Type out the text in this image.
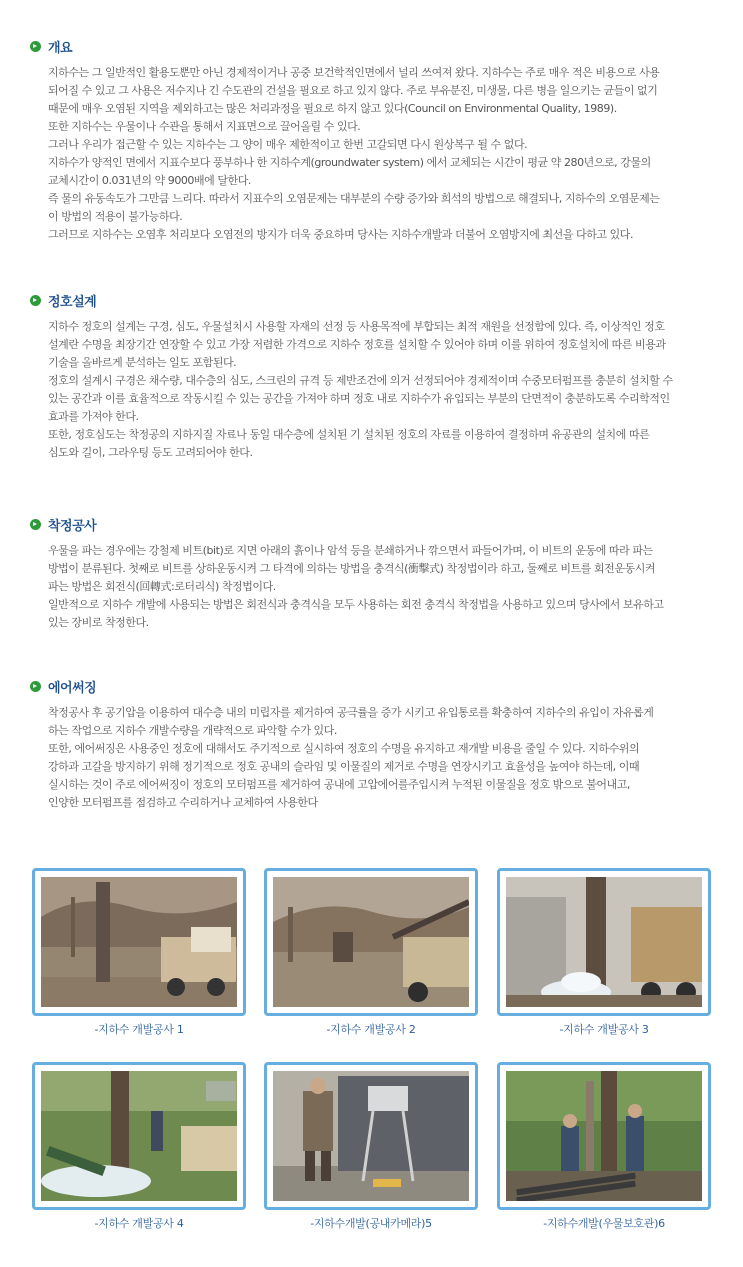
개요

지하수는 그 일반적인 활용도뿐만 아닌 경제적이거나 공중 보건학적인면에서 널리 쓰여져 왔다. 지하수는 주로 매우 적은 비용으로 사용

되어질 수 있고 그 사용은 저수지나 긴 수도관의 건설을 필요로 하고 있지 않다. 주로 부유분진, 미생물, 다른 병을 일으키는 균들이 없기

때문에 매우 오염된 지역을 제외하고는 많은 처리과정을 필요로 하지 않고 있다(Council on Environmental Quality, 1989).

또한 지하수는 우물이나 수관을 통해서 지표면으로 끌어올릴 수 있다.

그러나 우리가 접근할 수 있는 지하수는 그 양이 매우 제한적이고 한번 고갈되면 다시 원상복구 될 수 없다.

지하수가 양적인 면에서 지표수보다 풍부하나 한 지하수계(groundwater system) 에서 교체되는 시간이 평균 약 280년으로, 강물의

교체시간이 0.031년의 약 9000배에 달한다.

즉 물의 유동속도가 그만큼 느리다. 따라서 지표수의 오염문제는 대부분의 수량 증가와 희석의 방법으로 해결되나, 지하수의 오염문제는

이 방법의 적용이 불가능하다.

그러므로 지하수는 오염후 처리보다 오염전의 방지가 더욱 중요하며 당사는 지하수개발과 더불어 오염방지에 최선을 다하고 있다.

정호설계

지하수 정호의 설계는 구경, 심도, 우물설치시 사용할 자재의 선정 등 사용목적에 부합되는 최적 재원을 선정함에 있다. 즉, 이상적인 정호

설계란 수명을 최장기간 연장할 수 있고 가장 저렴한 가격으로 지하수 정호를 설치할 수 있어야 하며 이를 위하여 정호설치에 따른 비용과

기술을 올바르게 분석하는 일도 포함된다.

정호의 설계시 구경은 채수량, 대수층의 심도, 스크린의 규격 등 제반조건에 의거 선정되어야 경제적이며 수중모터펌프를 충분히 설치할 수

있는 공간과 이를 효율적으로 작동시킬 수 있는 공간을 가져야 하며 정호 내로 지하수가 유입되는 부분의 단면적이 충분하도록 수리학적인

효과를 가져야 한다.

또한, 정호심도는 착정공의 지하지질 자료나 동일 대수층에 설치된 기 설치된 정호의 자료를 이용하여 결정하며 유공관의 설치에 따른

심도와 길이, 그라우팅 등도 고려되어야 한다.

착정공사

우물을 파는 경우에는 강철제 비트(bit)로 지면 아래의 흙이나 암석 등을 분쇄하거나 깎으면서 파들어가며, 이 비트의 운동에 따라 파는

방법이 분류된다. 첫째로 비트를 상하운동시켜 그 타격에 의하는 방법을 충격식(衝擊式) 착정법이라 하고, 둘째로 비트를 회전운동시켜

파는 방법은 회전식(回轉式:로터리식) 착정법이다.

일반적으로 지하수 개발에 사용되는 방법은 회전식과 충격식을 모두 사용하는 회전 충격식 착정법을 사용하고 있으며 당사에서 보유하고

있는 장비로 착정한다.

에어써징

착정공사 후 공기압을 이용하여 대수층 내의 미립자를 제거하여 공극률을 증가 시키고 유입통로를 확충하여 지하수의 유입이 자유롭게

하는 작업으로 지하수 개발수량을 개략적으로 파악할 수가 있다.

또한, 에어써징은 사용중인 정호에 대해서도 주기적으로 실시하여 정호의 수명을 유지하고 재개발 비용을 줄일 수 있다. 지하수위의

강하과 고갈을 방지하기 위해 정기적으로 정호 공내의 슬라임 및 이물질의 제거로 수명을 연장시키고 효율성을 높여야 하는데, 이때

실시하는 것이 주로 에어써징이 정호의 모터펌프를 제거하여 공내에 고압에어를주입시켜 누적된 이물질을 정호 밖으로 불어내고,

인양한 모터펌프를 점검하고 수리하거나 교체하여 사용한다

-지하수 개발공사 1	-지하수 개발공사 2	-지하수 개발공사 3
-지하수 개발공사 4	-지하수개발(공내카메라)5	-지하수개발(우물보호관)6
